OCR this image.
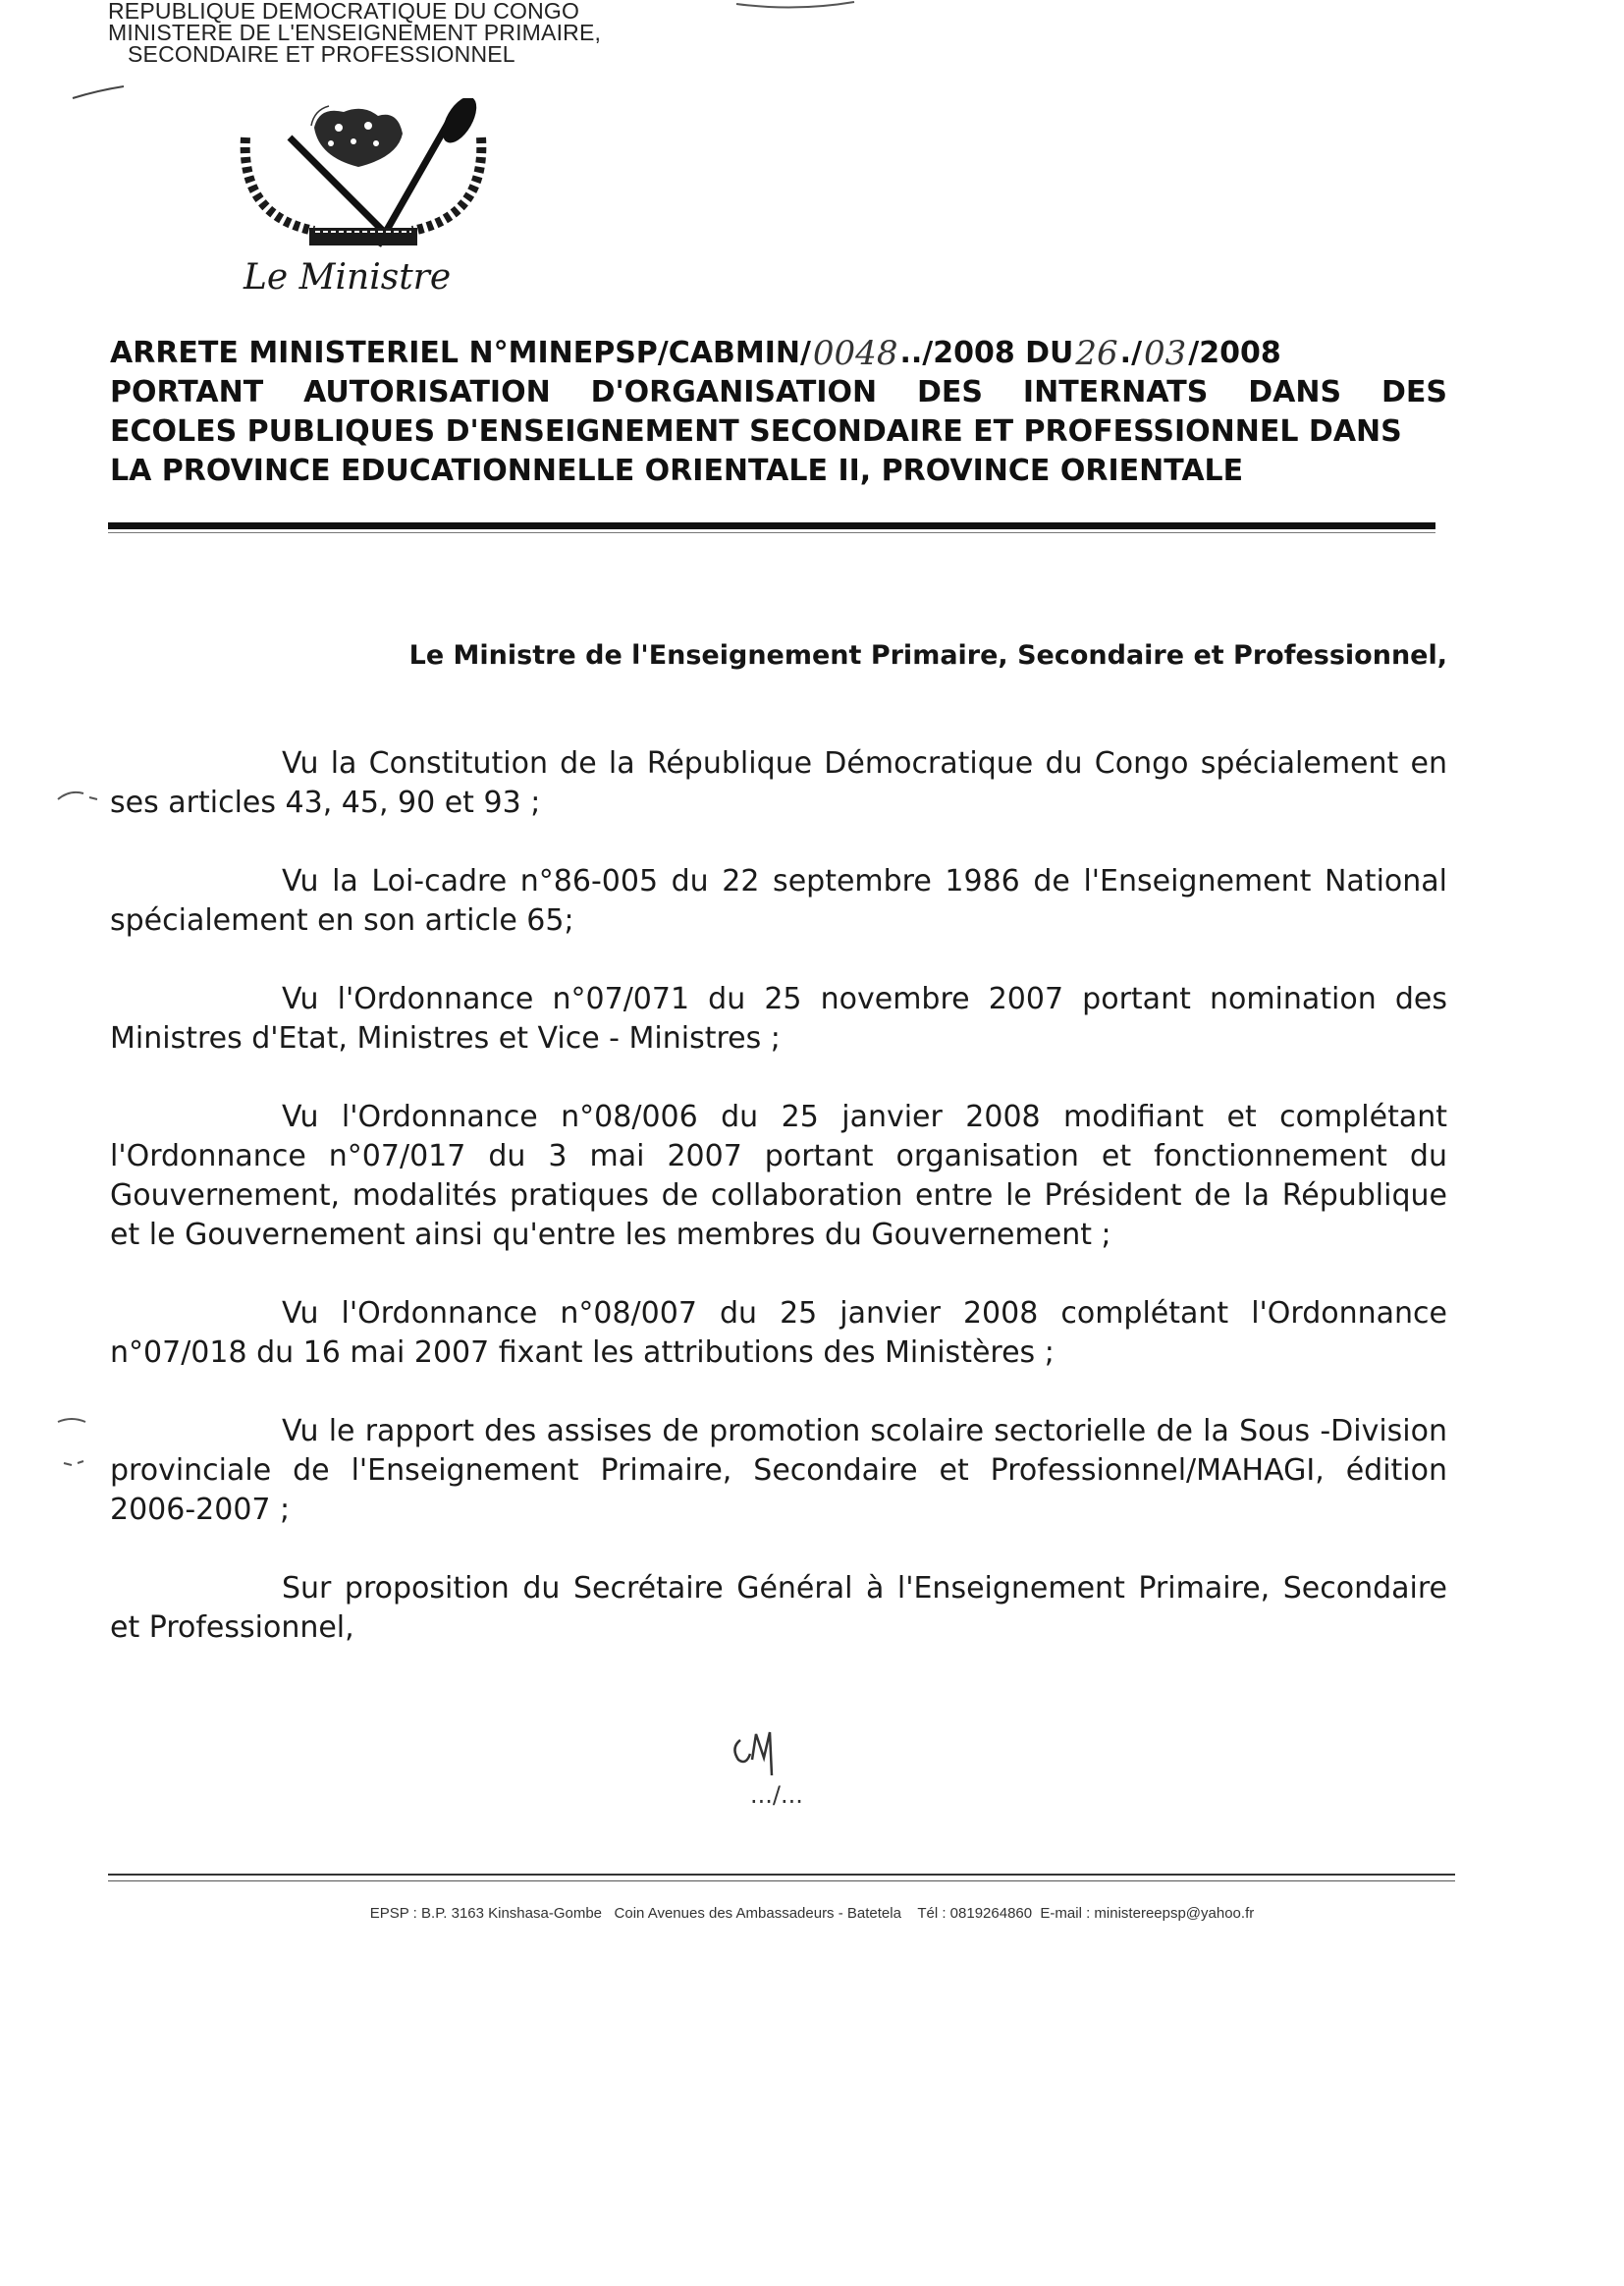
REPUBLIQUE DEMOCRATIQUE DU CONGO
MINISTERE DE L'ENSEIGNEMENT PRIMAIRE,
SECONDAIRE ET PROFESSIONNEL
Le Ministre
ARRETE MINISTERIEL N°MINEPSP/CABMIN/ 0048 ../2008 DU 26 ./ 03 /2008
PORTANT AUTORISATION D'ORGANISATION DES INTERNATS DANS DES
ECOLES PUBLIQUES D'ENSEIGNEMENT SECONDAIRE ET PROFESSIONNEL DANS
LA PROVINCE EDUCATIONNELLE ORIENTALE II, PROVINCE ORIENTALE
Le Ministre de l'Enseignement Primaire, Secondaire et Professionnel,

Vu la Constitution de la République Démocratique du Congo spécialement en ses articles 43, 45, 90 et 93 ;

Vu la Loi-cadre n°86-005 du 22 septembre 1986 de l'Enseignement National spécialement en son article 65;

Vu l'Ordonnance n°07/071 du 25 novembre 2007 portant nomination des Ministres d'Etat, Ministres et Vice - Ministres ;

Vu l'Ordonnance n°08/006 du 25 janvier 2008 modifiant et complétant l'Ordonnance n°07/017 du 3 mai 2007 portant organisation et fonctionnement du Gouvernement, modalités pratiques de collaboration entre le Président de la République et le Gouvernement ainsi qu'entre les membres du Gouvernement ;

Vu l'Ordonnance n°08/007 du 25 janvier 2008 complétant l'Ordonnance n°07/018 du 16 mai 2007 fixant les attributions des Ministères ;

Vu le rapport des assises de promotion scolaire sectorielle de la Sous -Division provinciale de l'Enseignement Primaire, Secondaire et Professionnel/MAHAGI, édition 2006-2007 ;

Sur proposition du Secrétaire Général à l'Enseignement Primaire, Secondaire et Professionnel,

.../...
EPSP : B.P. 3163 Kinshasa-Gombe   Coin Avenues des Ambassadeurs - Batetela    Tél : 0819264860  E-mail : ministereepsp@yahoo.fr
